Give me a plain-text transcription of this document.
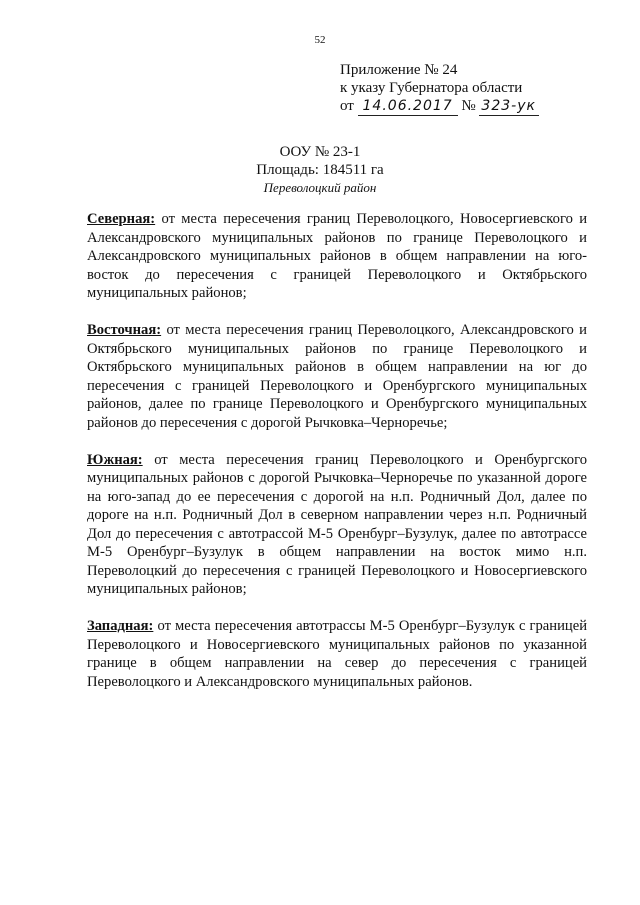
52
Приложение № 24
к указу Губернатора области
от 14.06.2017 № 323-ук
ООУ № 23-1
Площадь: 184511 га
Переволоцкий район

Северная: от места пересечения границ Переволоцкого, Новосергиевского и Александровского муниципальных районов по границе Переволоцкого и Александровского муниципальных районов в общем направлении на юго-восток до пересечения с границей Переволоцкого и Октябрьского муниципальных районов;

Восточная: от места пересечения границ Переволоцкого, Александровского и Октябрьского муниципальных районов по границе Переволоцкого и Октябрьского муниципальных районов в общем направлении на юг до пересечения с границей Переволоцкого и Оренбургского муниципальных районов, далее по границе Переволоцкого и Оренбургского муниципальных районов до пересечения с дорогой Рычковка–Черноречье;

Южная: от места пересечения границ Переволоцкого и Оренбургского муниципальных районов с дорогой Рычковка–Черноречье по указанной дороге на юго-запад до ее пересечения с дорогой на н.п. Родничный Дол, далее по дороге на н.п. Родничный Дол в северном направлении через н.п. Родничный Дол до пересечения с автотрассой М-5 Оренбург–Бузулук, далее по автотрассе М-5 Оренбург–Бузулук в общем направлении на восток мимо н.п. Переволоцкий до пересечения с границей Переволоцкого и Новосергиевского муниципальных районов;

Западная: от места пересечения автотрассы М-5 Оренбург–Бузулук с границей Переволоцкого и Новосергиевского муниципальных районов по указанной границе в общем направлении на север до пересечения с границей Переволоцкого и Александровского муниципальных районов.
